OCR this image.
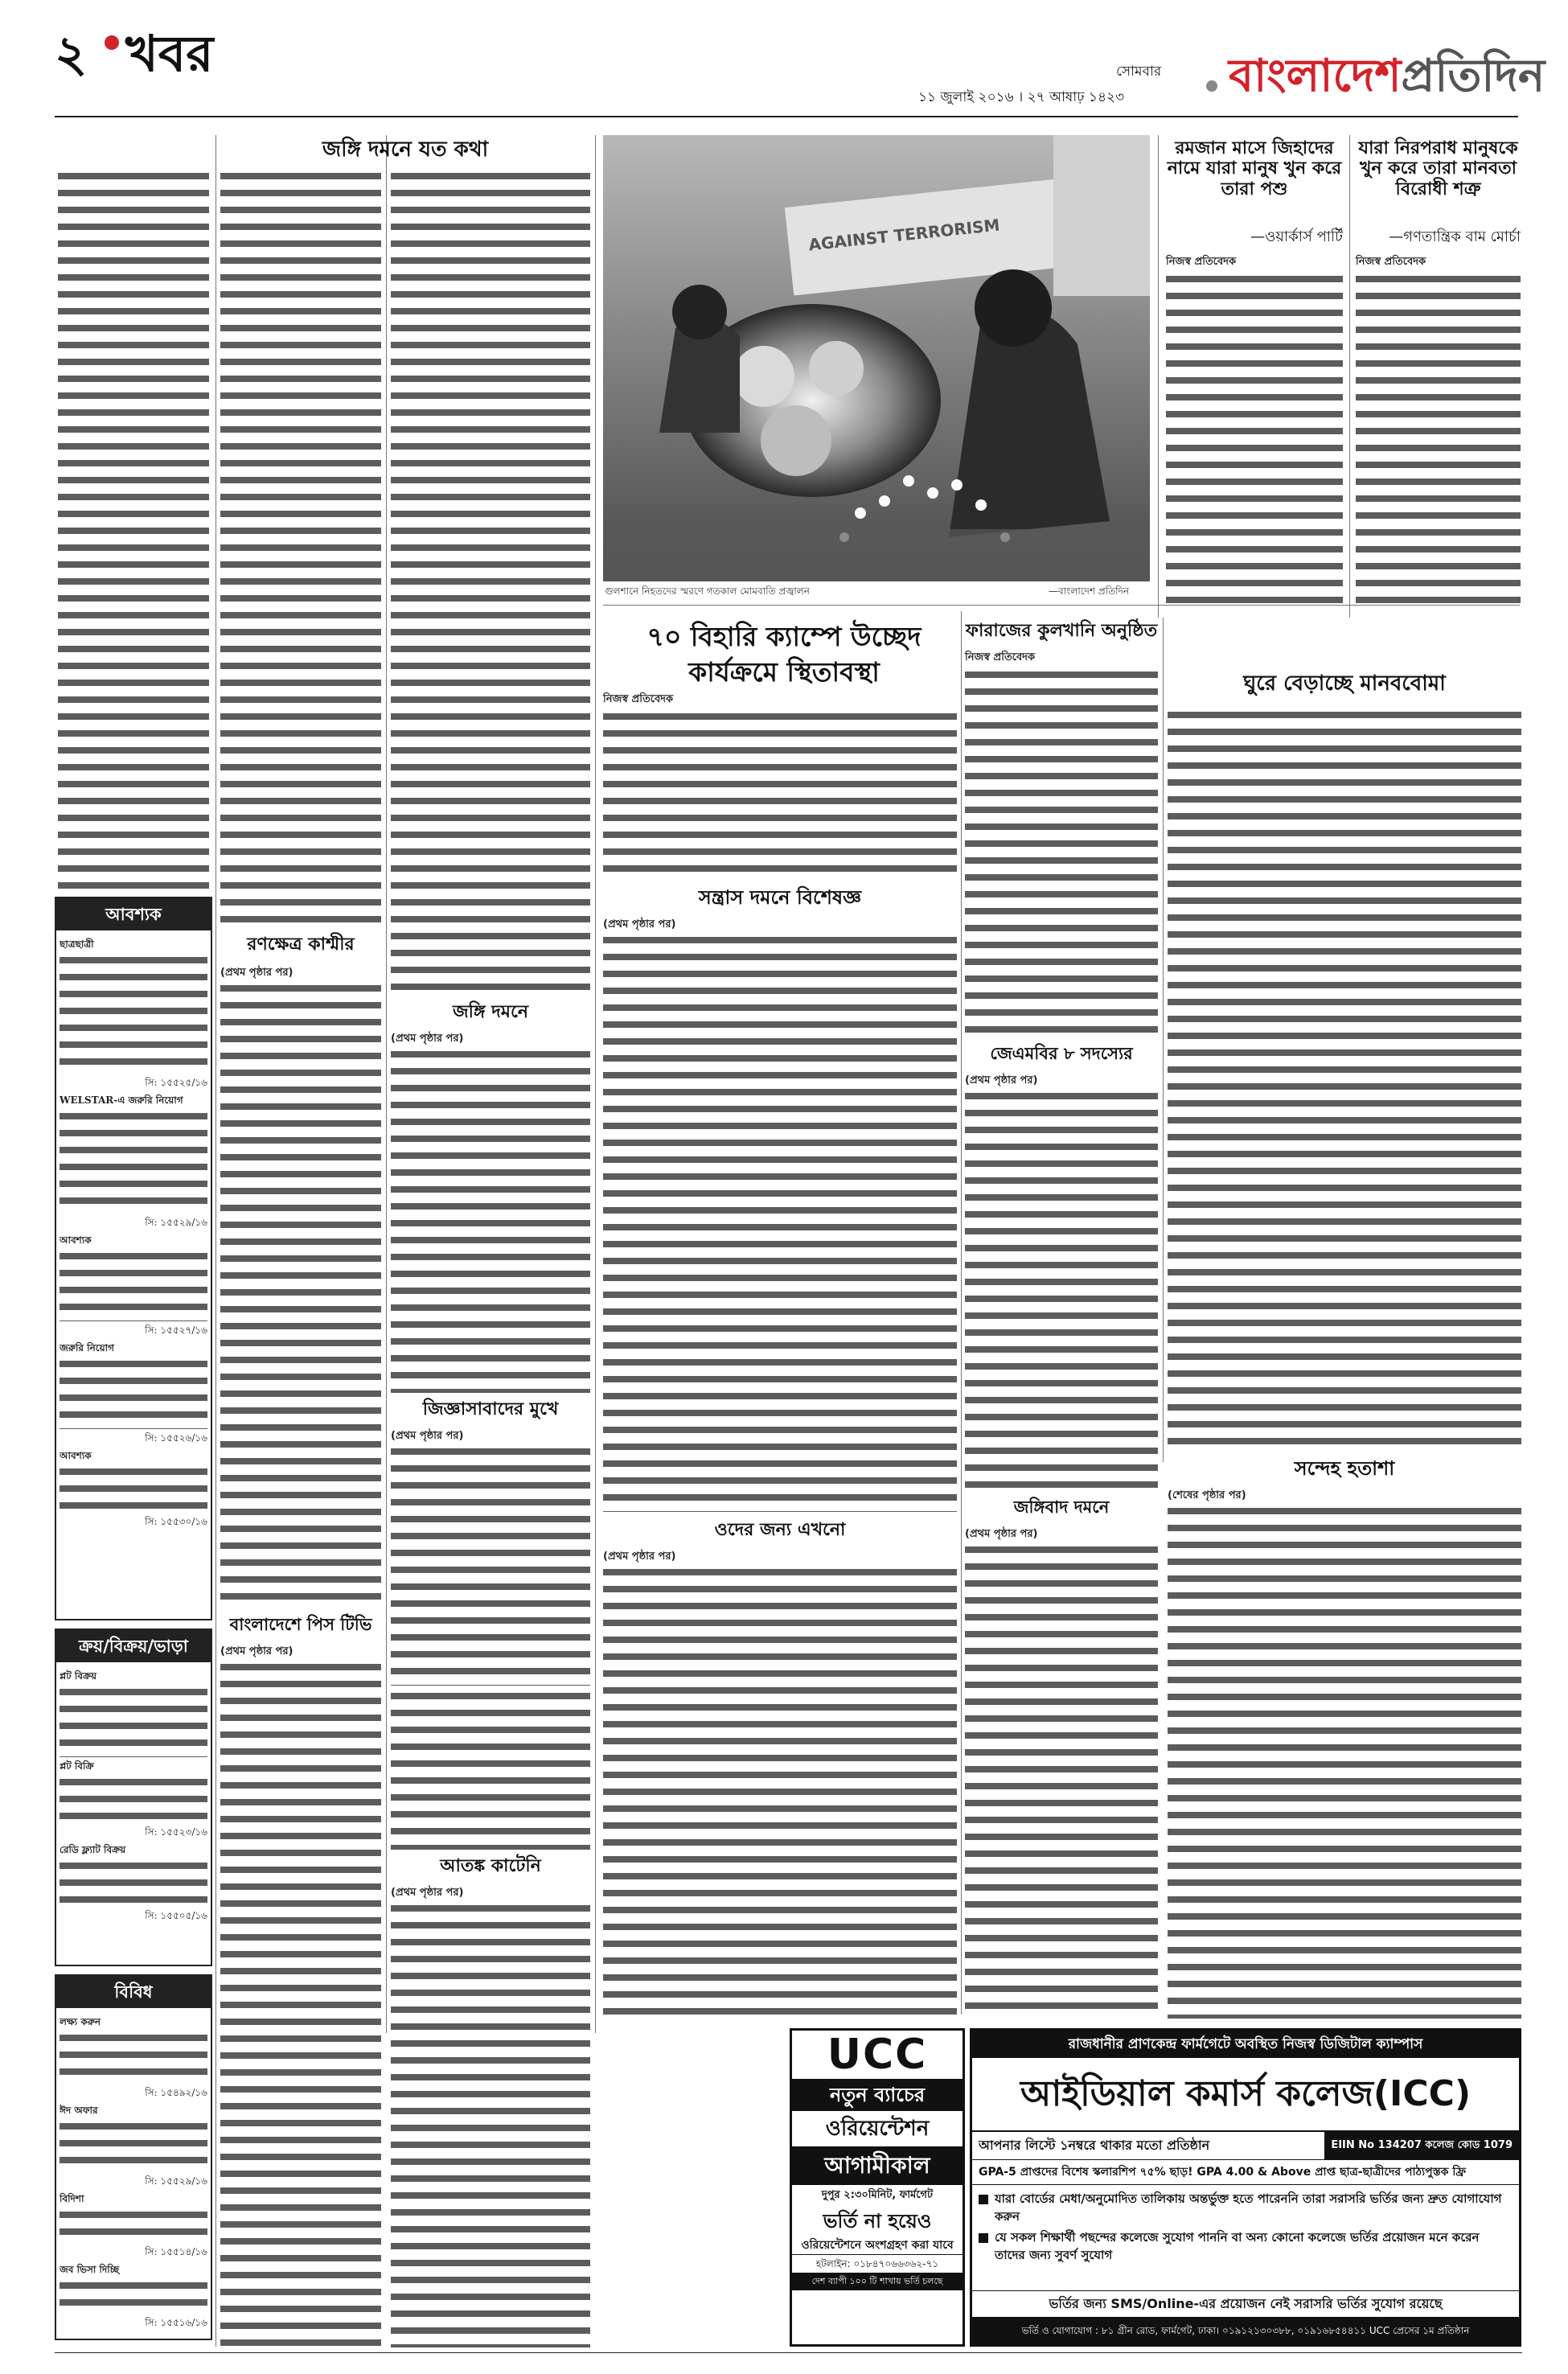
২ খবর	সোমবার
১১ জুলাই ২০১৬ । ২৭ আষাঢ় ১৪২৩ বাংলাদেশপ্রতিদিন
আবশ্যক
ছাত্রছাত্রী
সি: ১৫৫২৫/১৬
WELSTAR-এ জরুরি নিয়োগ
সি: ১৫৫২৯/১৬
আবশ্যক
সি: ১৫৫২৭/১৬
জরুরি নিয়োগ
সি: ১৫৫২৬/১৬
আবশ্যক
সি: ১৫৫৩০/১৬
ক্রয়/বিক্রয়/ভাড়া
প্লট বিক্রয়
প্লট বিক্রি
সি: ১৫৫২৩/১৬
রেডি ফ্ল্যাট বিক্রয়
সি: ১৫৫০৫/১৬
বিবিধ
লক্ষ্য করুন
সি: ১৫৪৯২/১৬
ঈদ অফার
সি: ১৫৫২৯/১৬
বিদিশা
সি: ১৫৫১৪/১৬
জব ভিসা দিচ্ছি
সি: ১৫৫১৬/১৬
জঙ্গি দমনে যত কথা
রণক্ষেত্র কাশ্মীর
(প্রথম পৃষ্ঠার পর)
জঙ্গি দমনে
(প্রথম পৃষ্ঠার পর)
জিজ্ঞাসাবাদের মুখে
(প্রথম পৃষ্ঠার পর)
বাংলাদেশে পিস টিভি
(প্রথম পৃষ্ঠার পর)
আতঙ্ক কাটেনি
(প্রথম পৃষ্ঠার পর)
AGAINST TERRORISM
গুলশানে নিহতদের স্মরণে গতকাল মোমবাতি প্রজ্বালন	—বাংলাদেশ প্রতিদিন
রমজান মাসে জিহাদের নামে যারা মানুষ খুন করে তারা পশু
—ওয়ার্কার্স পার্টি
নিজস্ব প্রতিবেদক
যারা নিরপরাধ মানুষকে খুন করে তারা মানবতা বিরোধী শত্রু
—গণতান্ত্রিক বাম মোর্চা
নিজস্ব প্রতিবেদক
৭০ বিহারি ক্যাম্পে উচ্ছেদ কার্যক্রমে স্থিতাবস্থা
নিজস্ব প্রতিবেদক
ফারাজের কুলখানি অনুষ্ঠিত
নিজস্ব প্রতিবেদক
ঘুরে বেড়াচ্ছে মানববোমা
সন্ত্রাস দমনে বিশেষজ্ঞ
(প্রথম পৃষ্ঠার পর)
জেএমবির ৮ সদস্যের
(প্রথম পৃষ্ঠার পর)
ওদের জন্য এখনো
(প্রথম পৃষ্ঠার পর)
জঙ্গিবাদ দমনে
(প্রথম পৃষ্ঠার পর)
সন্দেহ হতাশা
(শেষের পৃষ্ঠার পর)
UCC
নতুন ব্যাচের
ওরিয়েন্টেশন
আগামীকাল
দুপুর ২:৩০মিনিট, ফার্মগেট
ভর্তি না হয়েও
ওরিয়েন্টেশনে অংশগ্রহণ করা যাবে
হটলাইন: ০১৮৪৭০৬৬৩৬২-৭১
দেশ ব্যাপী ১০০ টি শাখায় ভর্তি চলছে
রাজধানীর প্রাণকেন্দ্র ফার্মগেটে অবস্থিত নিজস্ব ডিজিটাল ক্যাম্পাস
আইডিয়াল কমার্স কলেজ(ICC)
আপনার লিস্টে ১নম্বরে থাকার মতো প্রতিষ্ঠান	EIIN No 134207 কলেজ কোড 1079
GPA-5 প্রাপ্তদের বিশেষ স্কলারশিপ ৭৫% ছাড়! GPA 4.00 & Above প্রাপ্ত ছাত্র-ছাত্রীদের পাঠ্যপুস্তক ফ্রি
যারা বোর্ডের মেধা/অনুমোদিত তালিকায় অন্তর্ভুক্ত হতে পারেননি তারা সরাসরি ভর্তির জন্য দ্রুত যোগাযোগ করুন
যে সকল শিক্ষার্থী পছন্দের কলেজে সুযোগ পাননি বা অন্য কোনো কলেজে ভর্তির প্রয়োজন মনে করেন তাদের জন্য সুবর্ণ সুযোগ
ভর্তির জন্য SMS/Online-এর প্রয়োজন নেই সরাসরি ভর্তির সুযোগ রয়েছে
ভর্তি ও যোগাযোগ : ৮১ গ্রীন রোড, ফার্মগেট, ঢাকা। ০১৯১২১৩০৩৮৮, ০১৯১৬৮৫৪৪১১ UCC প্রেসের ১ম প্রতিষ্ঠান
